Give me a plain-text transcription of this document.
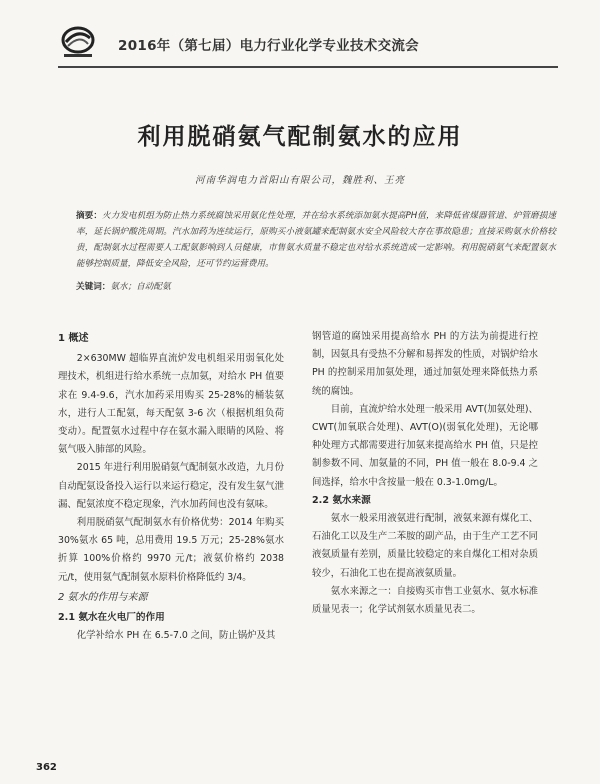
2016年（第七届）电力行业化学专业技术交流会
利用脱硝氨气配制氨水的应用
河南华润电力首阳山有限公司，魏胜利、王亮
摘要：火力发电机组为防止热力系统腐蚀采用氨化性处理，并在给水系统添加氨水提高PH值，来降低省煤器管道、炉管磨损速率，延长锅炉酸洗周期。汽水加药为连续运行，原购买小液氨罐来配制氨水安全风险较大存在事故隐患；直接采购氨水价格较贵，配制氨水过程需要人工配氨影响到人员健康，市售氨水质量不稳定也对给水系统造成一定影响。利用脱硝氨气来配置氨水能够控制质量，降低安全风险，还可节约运营费用。
关键词：氨水；自动配氨
1 概述

2×630MW 超临界直流炉发电机组采用弱氧化处理技术，机组进行给水系统一点加氨，对给水 PH 值要求在 9.4-9.6，汽水加药采用购买 25-28%的桶装氨水，进行人工配氨，每天配氨 3-6 次（根据机组负荷变动）。配置氨水过程中存在氨水漏入眼睛的风险、将氨气吸入肺部的风险。

2015 年进行利用脱硝氨气配制氨水改造，九月份自动配氨设备投入运行以来运行稳定，没有发生氨气泄漏、配氨浓度不稳定现象，汽水加药间也没有氨味。

利用脱硝氨气配制氨水有价格优势：2014 年购买 30%氨水 65 吨，总用费用 19.5 万元；25-28%氨水折算 100%价格约 9970 元/t；液氨价格约 2038 元/t，使用氨气配制氨水原料价格降低约 3/4。

2 氨水的作用与来源
2.1 氨水在火电厂的作用

化学补给水 PH 在 6.5-7.0 之间，防止锅炉及其

钢管道的腐蚀采用提高给水 PH 的方法为前提进行控制，因氨具有受热不分解和易挥发的性质，对锅炉给水 PH 的控制采用加氨处理，通过加氨处理来降低热力系统的腐蚀。

目前，直流炉给水处理一般采用 AVT(加氨处理)、CWT(加氧联合处理)、AVT(O)(弱氧化处理)，无论哪种处理方式都需要进行加氨来提高给水 PH 值，只是控制参数不同、加氨量的不同，PH 值一般在 8.0-9.4 之间选择，给水中含按量一般在 0.3-1.0mg/L。

2.2 氨水来源

氨水一般采用液氨进行配制，液氨来源有煤化工、石油化工以及生产二苯胺的副产品，由于生产工艺不同液氨质量有差别，质量比较稳定的来自煤化工相对杂质较少，石油化工也在提高液氨质量。

氨水来源之一：自接购买市售工业氨水、氨水标准质量见表一；化学试剂氨水质量见表二。

362
